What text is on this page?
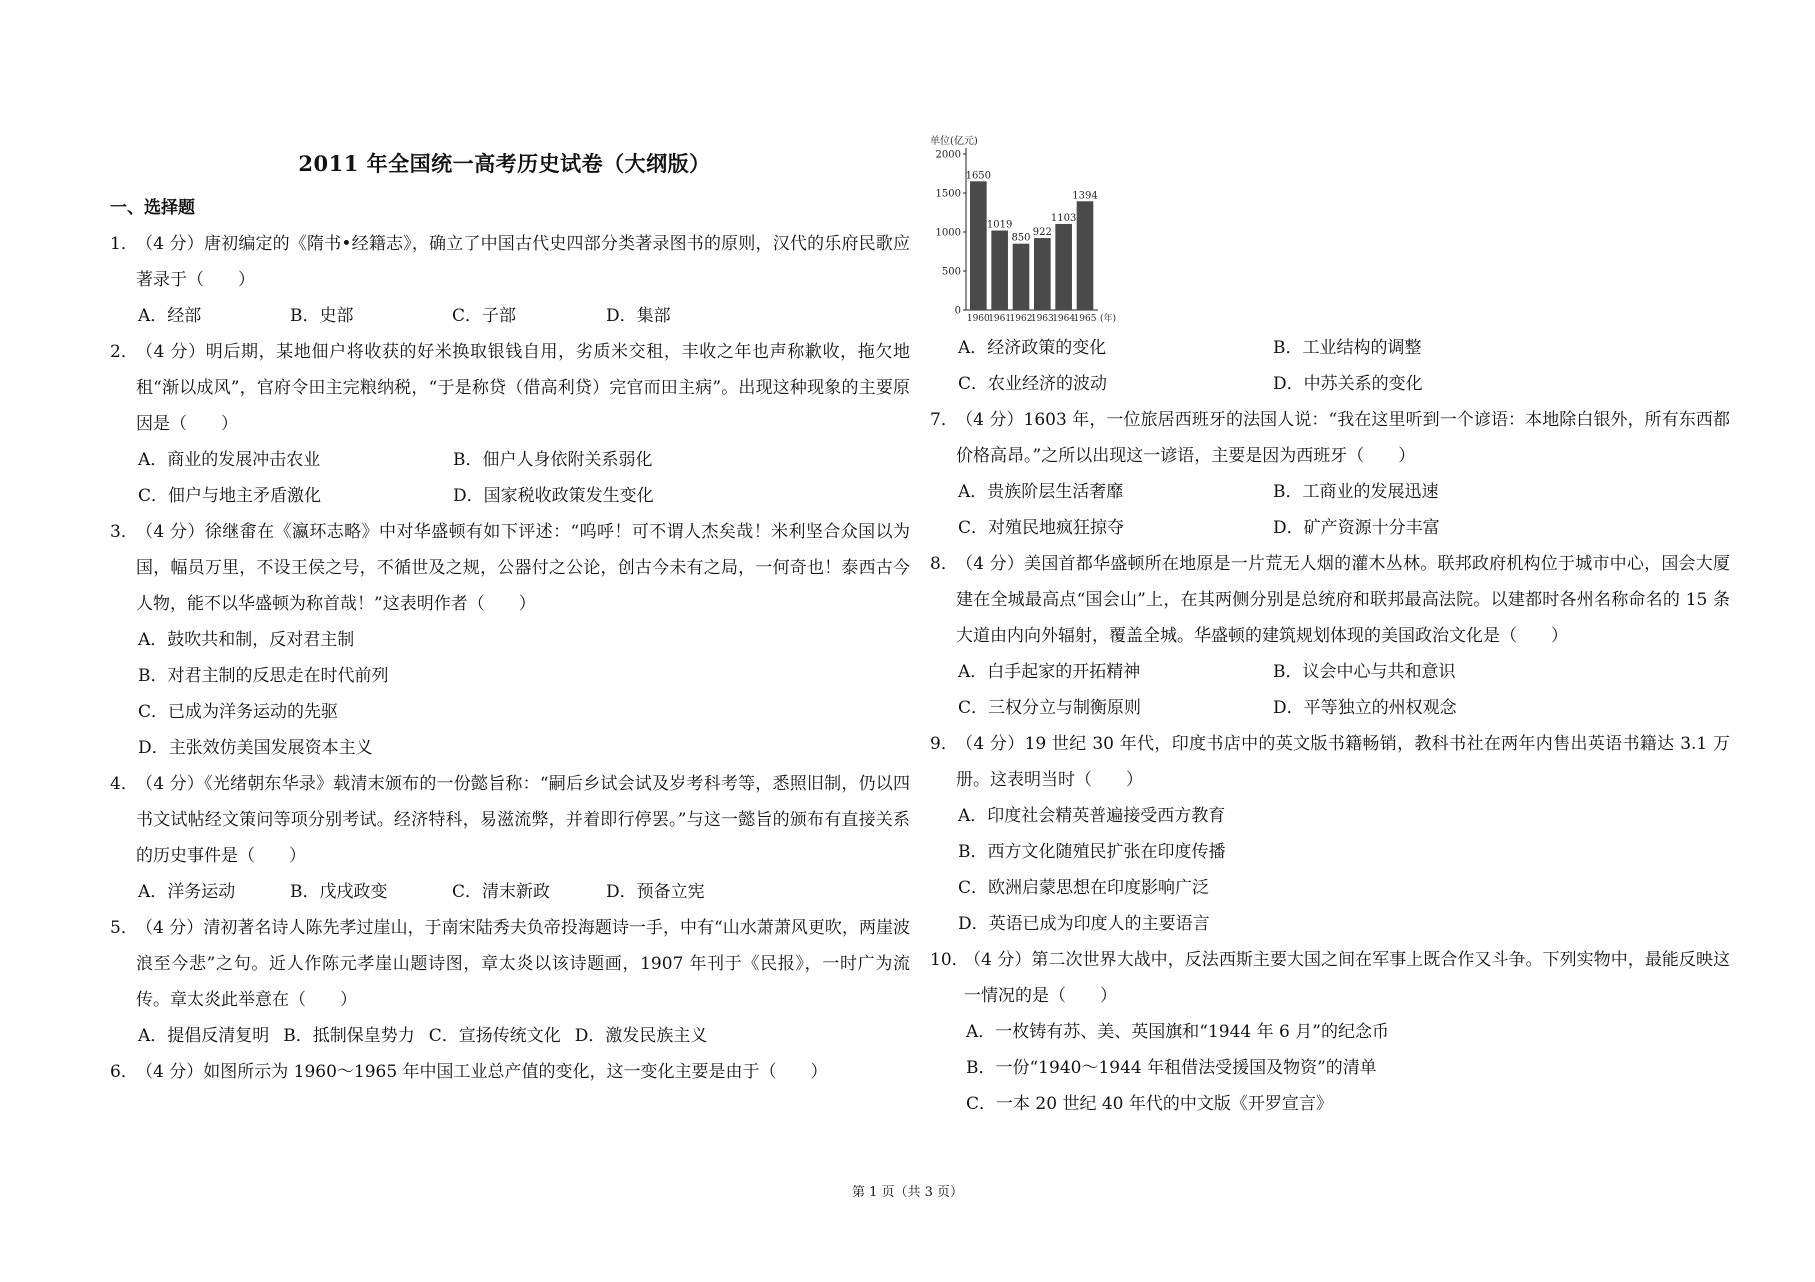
2011 年全国统一高考历史试卷（大纲版）
一、选择题
1．
（4 分）唐初编定的《隋书•经籍志》，确立了中国古代史四部分类著录图书的原则，汉代的乐府民歌应著录于（　　）
A．经部	B．史部	C．子部	D．集部
2．
（4 分）明后期，某地佃户将收获的好米换取银钱自用，劣质米交租，丰收之年也声称歉收，拖欠地租“渐以成风”，官府令田主完粮纳税，“于是称贷（借高利贷）完官而田主病”。出现这种现象的主要原因是（　　）
A．商业的发展冲击农业	B．佃户人身依附关系弱化
C．佃户与地主矛盾激化	D．国家税收政策发生变化
3．
（4 分）徐继畬在《瀛环志略》中对华盛顿有如下评述：“呜呼！可不谓人杰矣哉！米利坚合众国以为国，幅员万里，不设王侯之号，不循世及之规，公器付之公论，创古今未有之局，一何奇也！泰西古今人物，能不以华盛顿为称首哉！”这表明作者（　　）
A．鼓吹共和制，反对君主制
B．对君主制的反思走在时代前列
C．已成为洋务运动的先驱
D．主张效仿美国发展资本主义
4．
（4 分）《光绪朝东华录》载清末颁布的一份懿旨称：“嗣后乡试会试及岁考科考等，悉照旧制，仍以四书文试帖经文策问等项分别考试。经济特科，易滋流弊，并着即行停罢。”与这一懿旨的颁布有直接关系的历史事件是（　　）
A．洋务运动	B．戊戌政变	C．清末新政	D．预备立宪
5．
（4 分）清初著名诗人陈先孝过崖山，于南宋陆秀夫负帝投海题诗一手，中有“山水萧萧风更吹，两崖波浪至今悲”之句。近人作陈元孝崖山题诗图，章太炎以该诗题画，1907 年刊于《民报》，一时广为流传。章太炎此举意在（　　）
A．提倡反清复明 B．抵制保皇势力 C．宣扬传统文化 D．激发民族主义
6．
（4 分）如图所示为 1960～1965 年中国工业总产值的变化，这一变化主要是由于（　　）
单位(亿元)
0
500
1000
1500
2000
1650
1960
1019
1961
850
1962
922
1963
1103
1964
1394
1965 (年)
A．经济政策的变化	B．工业结构的调整
C．农业经济的波动	D．中苏关系的变化
7．
（4 分）1603 年，一位旅居西班牙的法国人说：“我在这里听到一个谚语：本地除白银外，所有东西都价格高昂。”之所以出现这一谚语，主要是因为西班牙（　　）
A．贵族阶层生活奢靡	B．工商业的发展迅速
C．对殖民地疯狂掠夺	D．矿产资源十分丰富
8．
（4 分）美国首都华盛顿所在地原是一片荒无人烟的灌木丛林。联邦政府机构位于城市中心，国会大厦建在全城最高点“国会山”上，在其两侧分别是总统府和联邦最高法院。以建都时各州名称命名的 15 条大道由内向外辐射，覆盖全城。华盛顿的建筑规划体现的美国政治文化是（　　）
A．白手起家的开拓精神	B．议会中心与共和意识
C．三权分立与制衡原则	D．平等独立的州权观念
9．
（4 分）19 世纪 30 年代，印度书店中的英文版书籍畅销，教科书社在两年内售出英语书籍达 3.1 万册。这表明当时（　　）
A．印度社会精英普遍接受西方教育
B．西方文化随殖民扩张在印度传播
C．欧洲启蒙思想在印度影响广泛
D．英语已成为印度人的主要语言
10．
（4 分）第二次世界大战中，反法西斯主要大国之间在军事上既合作又斗争。下列实物中，最能反映这一情况的是（　　）
A．一枚铸有苏、美、英国旗和“1944 年 6 月”的纪念币
B．一份“1940～1944 年租借法受援国及物资”的清单
C．一本 20 世纪 40 年代的中文版《开罗宣言》
第 1 页（共 3 页）
